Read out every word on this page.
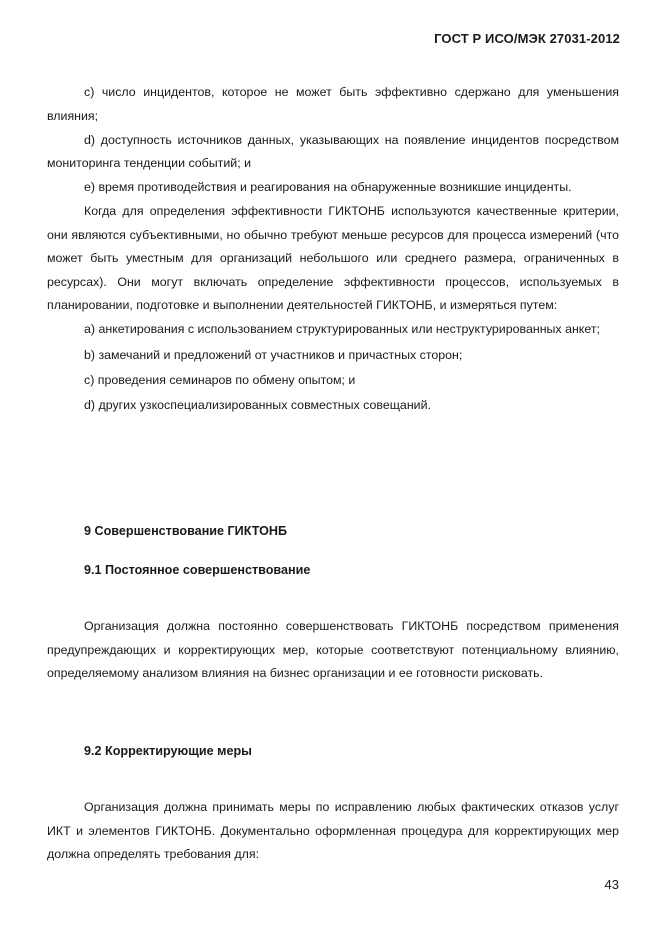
ГОСТ Р ИСО/МЭК 27031-2012

c) число инцидентов, которое не может быть эффективно сдержано для уменьшения влияния;

d) доступность источников данных, указывающих на появление инцидентов посредством мониторинга тенденции событий; и

e) время противодействия и реагирования на обнаруженные возникшие инциденты.

Когда для определения эффективности ГИКТОНБ используются качественные критерии, они являются субъективными, но обычно требуют меньше ресурсов для процесса измерений (что может быть уместным для организаций небольшого или среднего размера, ограниченных в ресурсах). Они могут включать определение эффективности процессов, используемых в планировании, подготовке и выполнении деятельностей ГИКТОНБ, и измеряться путем:

a) анкетирования с использованием структурированных или неструктурированных анкет;

b) замечаний и предложений от участников и причастных сторон;

c) проведения семинаров по обмену опытом; и

d) других узкоспециализированных совместных совещаний.

9 Совершенствование ГИКТОНБ
9.1 Постоянное совершенствование

Организация должна постоянно совершенствовать ГИКТОНБ посредством применения предупреждающих и корректирующих мер, которые соответствуют потенциальному влиянию, определяемому анализом влияния на бизнес организации и ее готовности рисковать.

9.2 Корректирующие меры

Организация должна принимать меры по исправлению любых фактических отказов услуг ИКТ и элементов ГИКТОНБ. Документально оформленная процедура для корректирующих мер должна определять требования для:

43
